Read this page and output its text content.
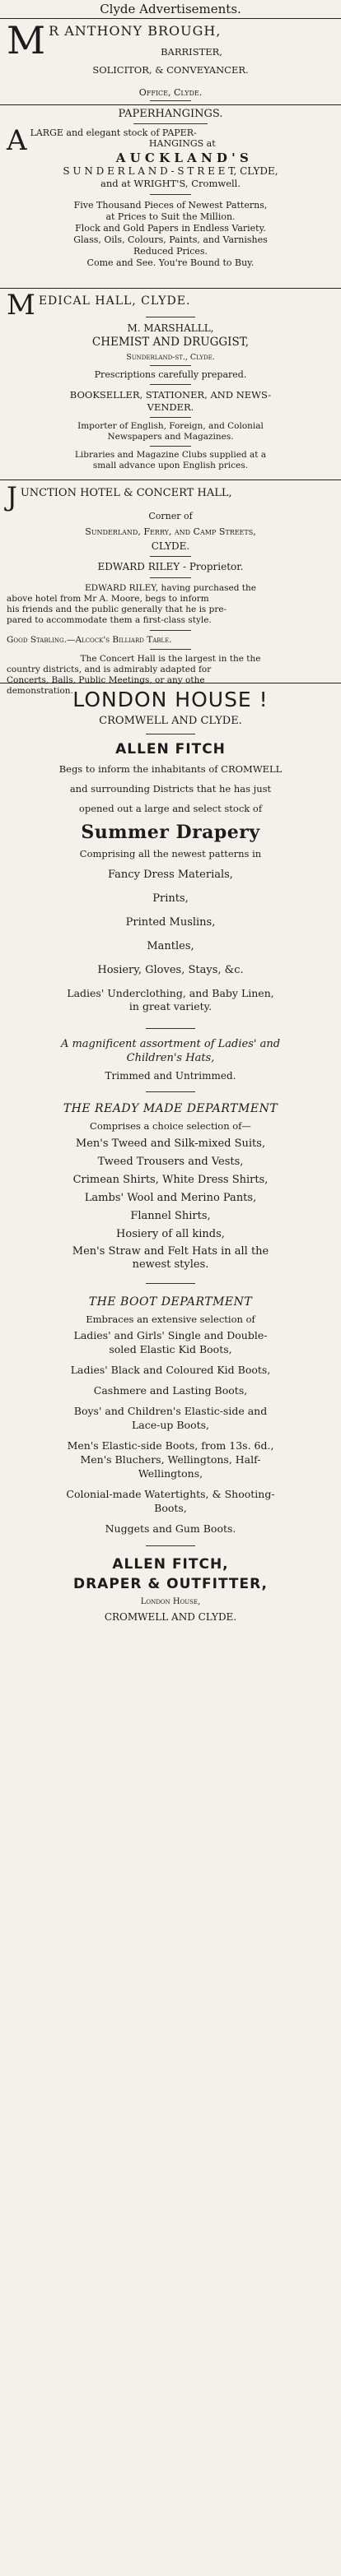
Clyde Advertisements.
M R ANTHONY BROUGH,
BARRISTER,
SOLICITOR, & CONVEYANCER.
Office, Clyde.
PAPERHANGINGS.
A LARGE and elegant stock of PAPER-
HANGINGS at
A U C K L A N D ' S
S U N D E R L A N D - S T R E E T, CLYDE,
and at WRIGHT'S, Cromwell.
Five Thousand Pieces of Newest Patterns,
at Prices to Suit the Million.
Flock and Gold Papers in Endless Variety.
Glass, Oils, Colours, Paints, and Varnishes
Reduced Prices.
Come and See. You're Bound to Buy.
M EDICAL HALL, CLYDE.
M. MARSHALLL,
CHEMIST AND DRUGGIST,
Sunderland-st., Clyde.
Prescriptions carefully prepared.
BOOKSELLER, STATIONER, AND NEWS-
VENDER.
Importer of English, Foreign, and Colonial
Newspapers and Magazines.
Libraries and Magazine Clubs supplied at a
small advance upon English prices.
J UNCTION HOTEL & CONCERT HALL,
Corner of
Sunderland, Ferry, and Camp Streets,
CLYDE.
EDWARD RILEY - Proprietor.
EDWARD RILEY, having purchased the
above hotel from Mr A. Moore, begs to inform
his friends and the public generally that he is pre-
pared to accommodate them a first-class style.
Good Stabling.—Alcock's Billiard Table.
The Concert Hall is the largest in the the
country districts, and is admirably adapted for
Concerts, Balls, Public Meetings, or any othe
demonstration. LONDON HOUSE !
CROMWELL AND CLYDE.
ALLEN FITCH
Begs to inform the inhabitants of CROMWELL
and surrounding Districts that he has just
opened out a large and select stock of
Summer Drapery
Comprising all the newest patterns in
Fancy Dress Materials,
Prints,
Printed Muslins,
Mantles,
Hosiery, Gloves, Stays, &c.
Ladies' Underclothing, and Baby Linen,
in great variety.
A magnificent assortment of Ladies' and
Children's Hats,
Trimmed and Untrimmed.
THE READY MADE DEPARTMENT
Comprises a choice selection of—
Men's Tweed and Silk-mixed Suits,
Tweed Trousers and Vests,
Crimean Shirts, White Dress Shirts,
Lambs' Wool and Merino Pants,
Flannel Shirts,
Hosiery of all kinds,
Men's Straw and Felt Hats in all the
newest styles.
THE BOOT DEPARTMENT
Embraces an extensive selection of
Ladies' and Girls' Single and Double-
soled Elastic Kid Boots,
Ladies' Black and Coloured Kid Boots,
Cashmere and Lasting Boots,
Boys' and Children's Elastic-side and
Lace-up Boots,
Men's Elastic-side Boots, from 13s. 6d.,
Men's Bluchers, Wellingtons, Half-
Wellingtons,
Colonial-made Watertights, & Shooting-
Boots,
Nuggets and Gum Boots.
ALLEN FITCH,
DRAPER & OUTFITTER,
London House,
CROMWELL AND CLYDE.
